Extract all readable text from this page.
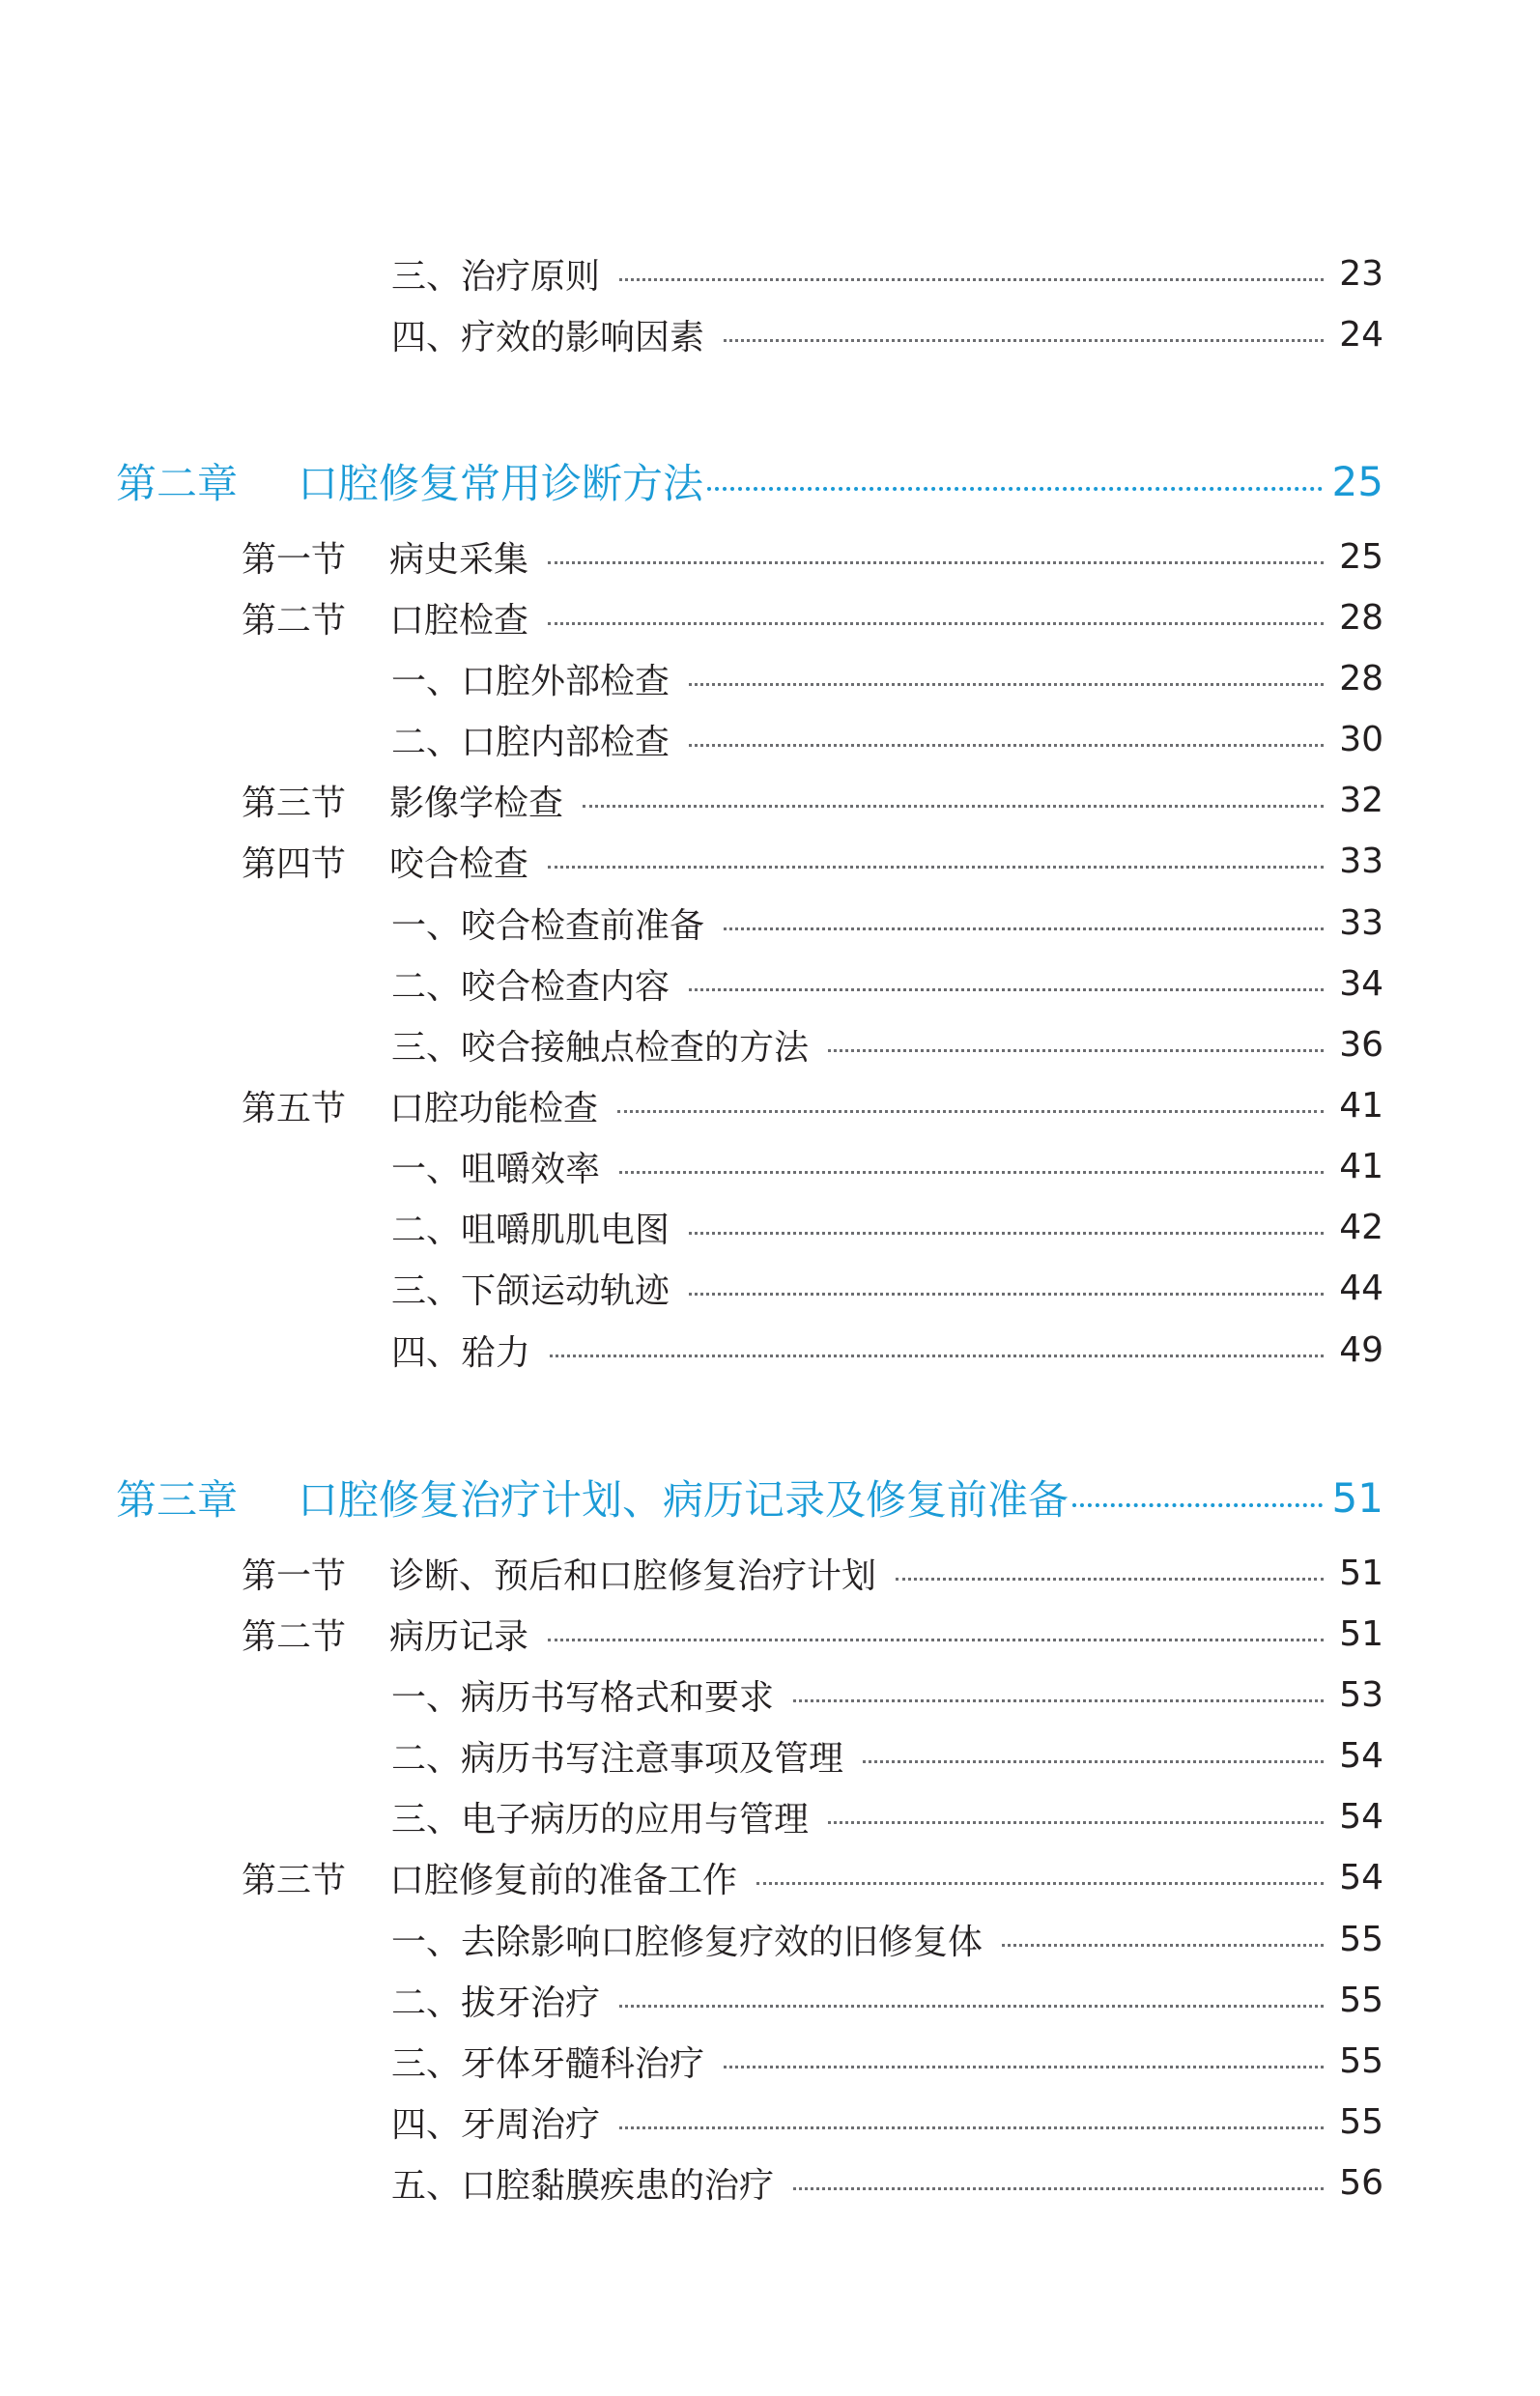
三、治疗原则	23
四、疗效的影响因素	24
第二章	口腔修复常用诊断方法	25
第一节	病史采集	25
第二节	口腔检查	28
一、口腔外部检查	28
二、口腔内部检查	30
第三节	影像学检查	32
第四节	咬合检查	33
一、咬合检查前准备	33
二、咬合检查内容	34
三、咬合接触点检查的方法	36
第五节	口腔功能检查	41
一、咀嚼效率	41
二、咀嚼肌肌电图	42
三、下颌运动轨迹	44
四、𬌗力	49
第三章	口腔修复治疗计划、病历记录及修复前准备	51
第一节	诊断、预后和口腔修复治疗计划	51
第二节	病历记录	51
一、病历书写格式和要求	53
二、病历书写注意事项及管理	54
三、电子病历的应用与管理	54
第三节	口腔修复前的准备工作	54
一、去除影响口腔修复疗效的旧修复体	55
二、拔牙治疗	55
三、牙体牙髓科治疗	55
四、牙周治疗	55
五、口腔黏膜疾患的治疗	56
